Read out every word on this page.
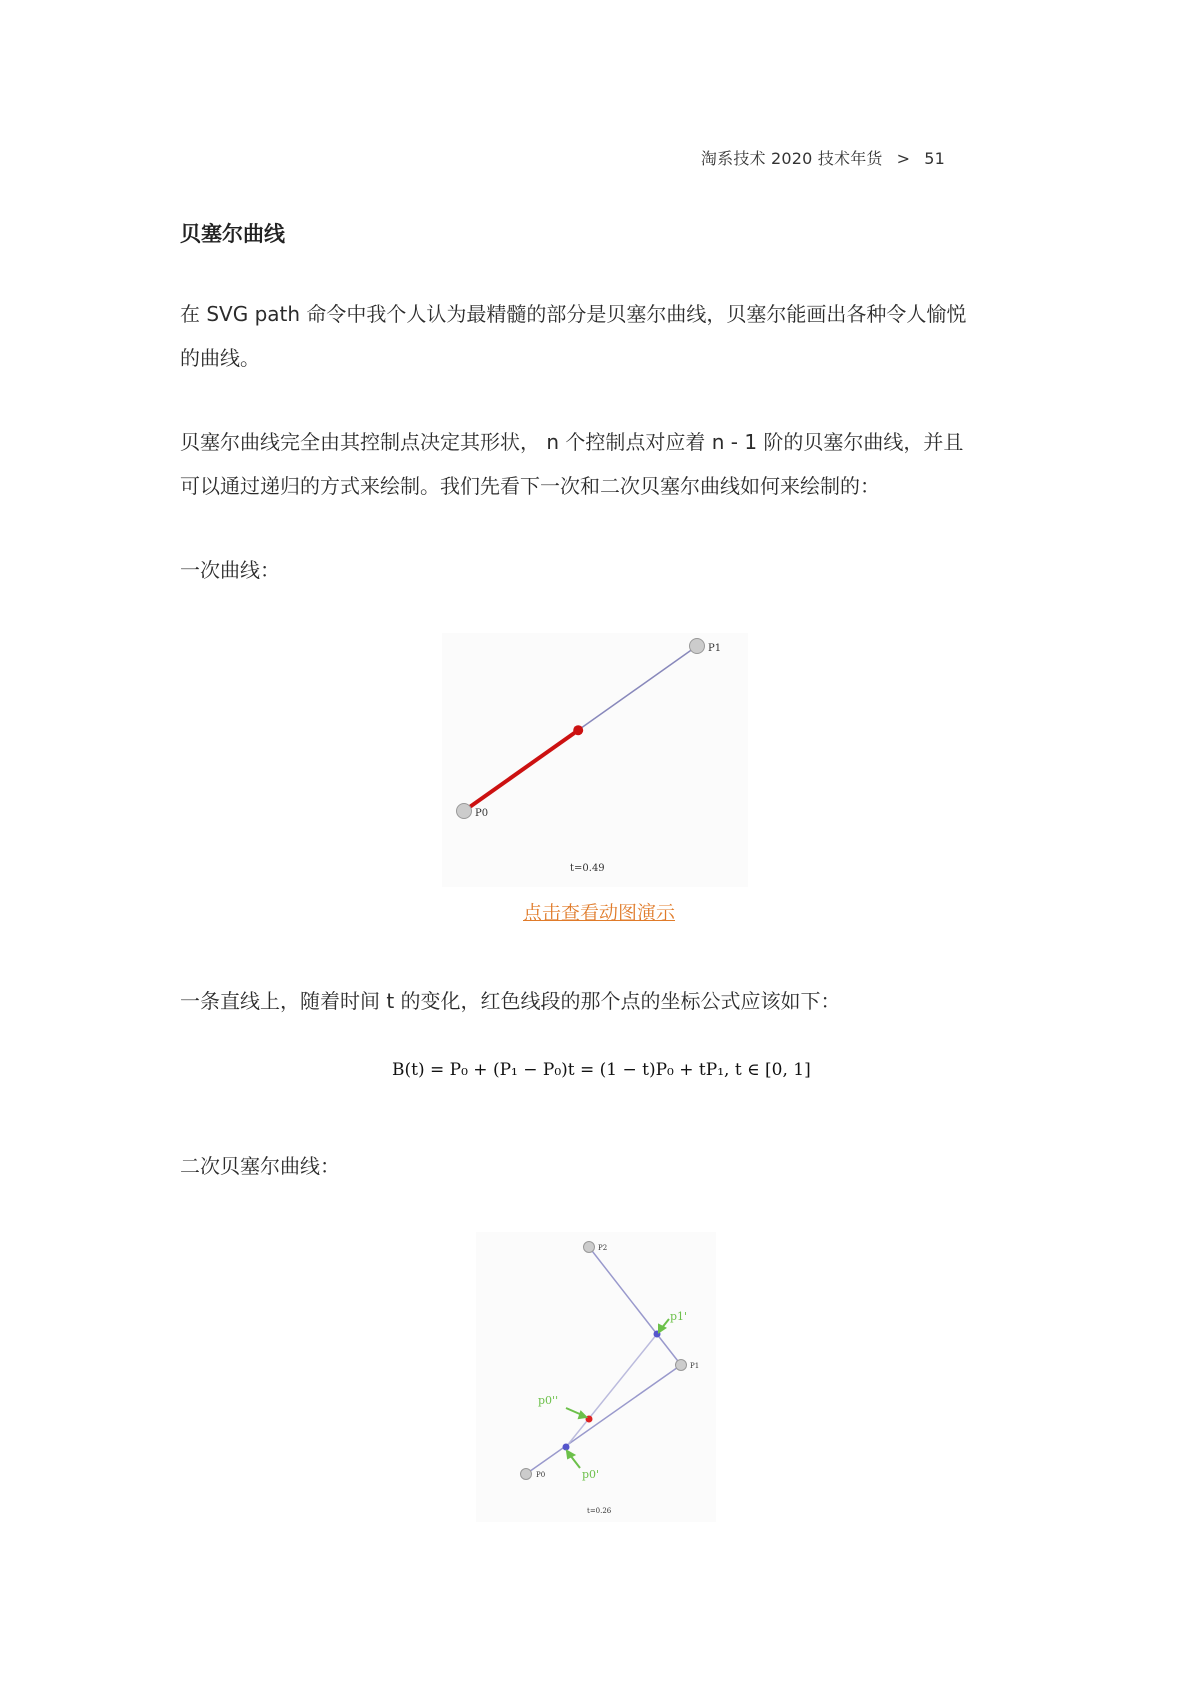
淘系技术 2020 技术年货 > 51
贝塞尔曲线
在 SVG path 命令中我个人认为最精髓的部分是贝塞尔曲线，贝塞尔能画出各种令人愉悦
的曲线。
贝塞尔曲线完全由其控制点决定其形状， n 个控制点对应着 n - 1 阶的贝塞尔曲线，并且
可以通过递归的方式来绘制。我们先看下一次和二次贝塞尔曲线如何来绘制的：
一次曲线：
P0
P1
t=0.49
点击查看动图演示
一条直线上，随着时间 t 的变化，红色线段的那个点的坐标公式应该如下：
B(t) = P₀ + (P₁ − P₀)t = (1 − t)P₀ + tP₁, t ∈ [0, 1]
二次贝塞尔曲线：
P0
P1
P2
p0'
p0''
p1'
t=0.26
